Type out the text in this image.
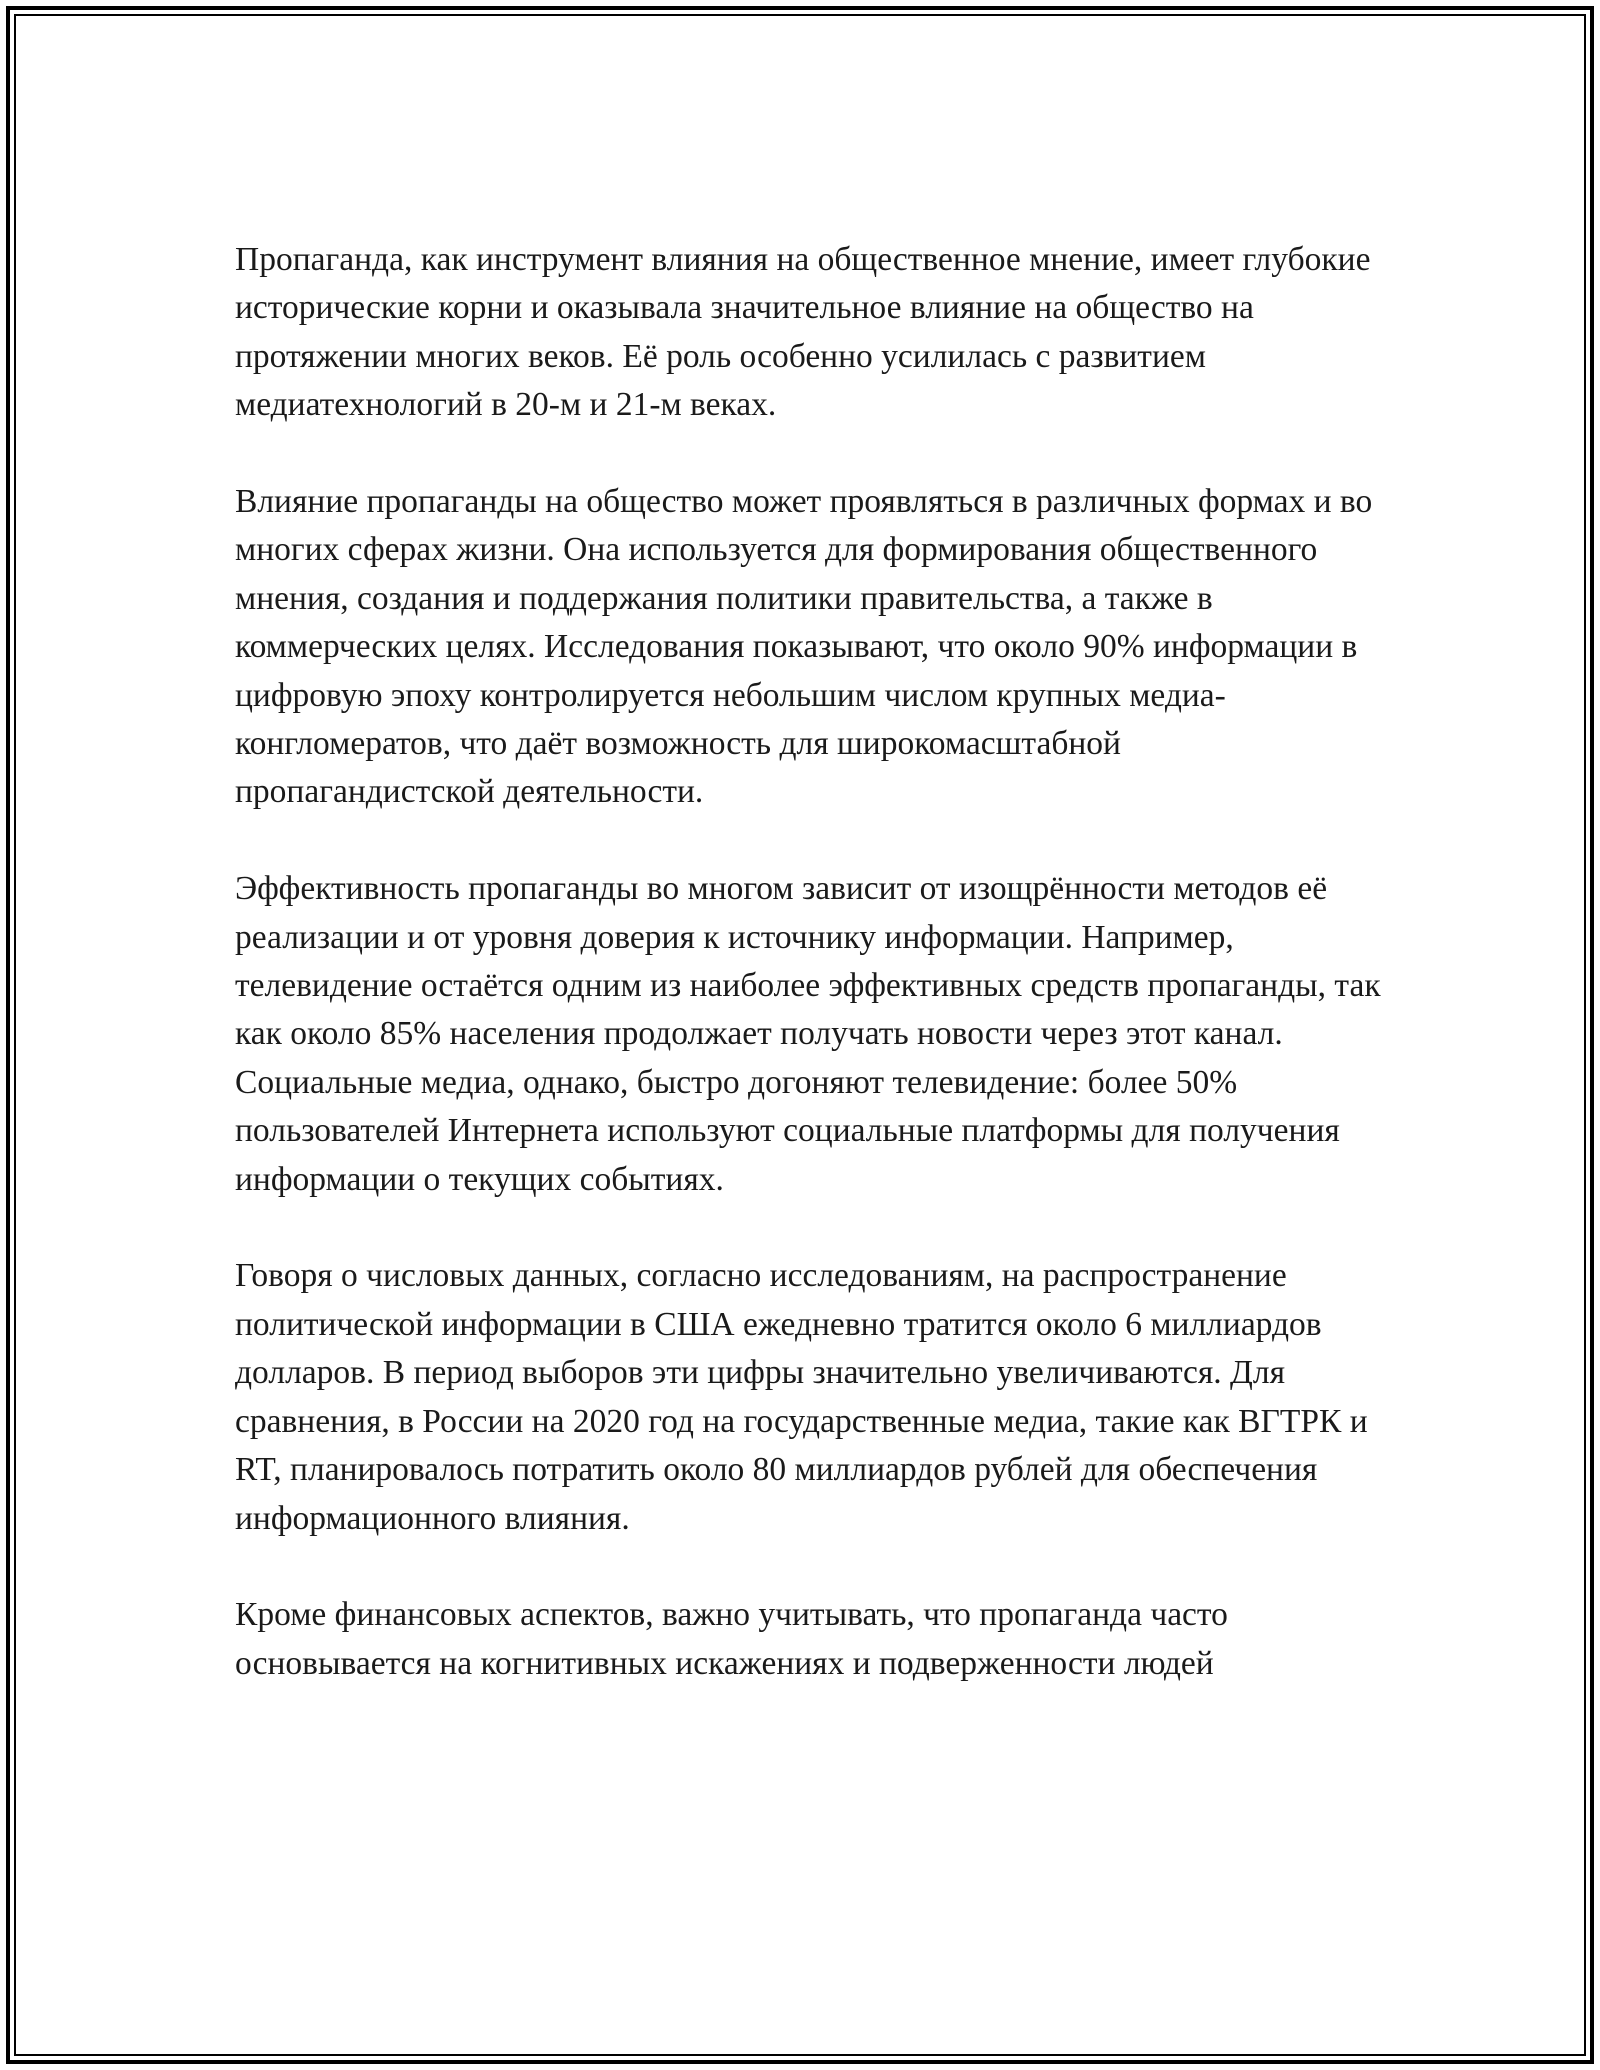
Пропаганда, как инструмент влияния на общественное мнение, имеет глубокие исторические корни и оказывала значительное влияние на общество на протяжении многих веков. Её роль особенно усилилась с развитием медиатехнологий в 20-м и 21-м веках.

Влияние пропаганды на общество может проявляться в различных формах и во многих сферах жизни. Она используется для формирования общественного мнения, создания и поддержания политики правительства, а также в коммерческих целях. Исследования показывают, что около 90% информации в цифровую эпоху контролируется небольшим числом крупных медиа-конгломератов, что даёт возможность для широкомасштабной пропагандистской деятельности.

Эффективность пропаганды во многом зависит от изощрённости методов её реализации и от уровня доверия к источнику информации. Например, телевидение остаётся одним из наиболее эффективных средств пропаганды, так как около 85% населения продолжает получать новости через этот канал. Социальные медиа, однако, быстро догоняют телевидение: более 50% пользователей Интернета используют социальные платформы для получения информации о текущих событиях.

Говоря о числовых данных, согласно исследованиям, на распространение политической информации в США ежедневно тратится около 6 миллиардов долларов. В период выборов эти цифры значительно увеличиваются. Для сравнения, в России на 2020 год на государственные медиа, такие как ВГТРК и RT, планировалось потратить около 80 миллиардов рублей для обеспечения информационного влияния.

Кроме финансовых аспектов, важно учитывать, что пропаганда часто основывается на когнитивных искажениях и подверженности людей
